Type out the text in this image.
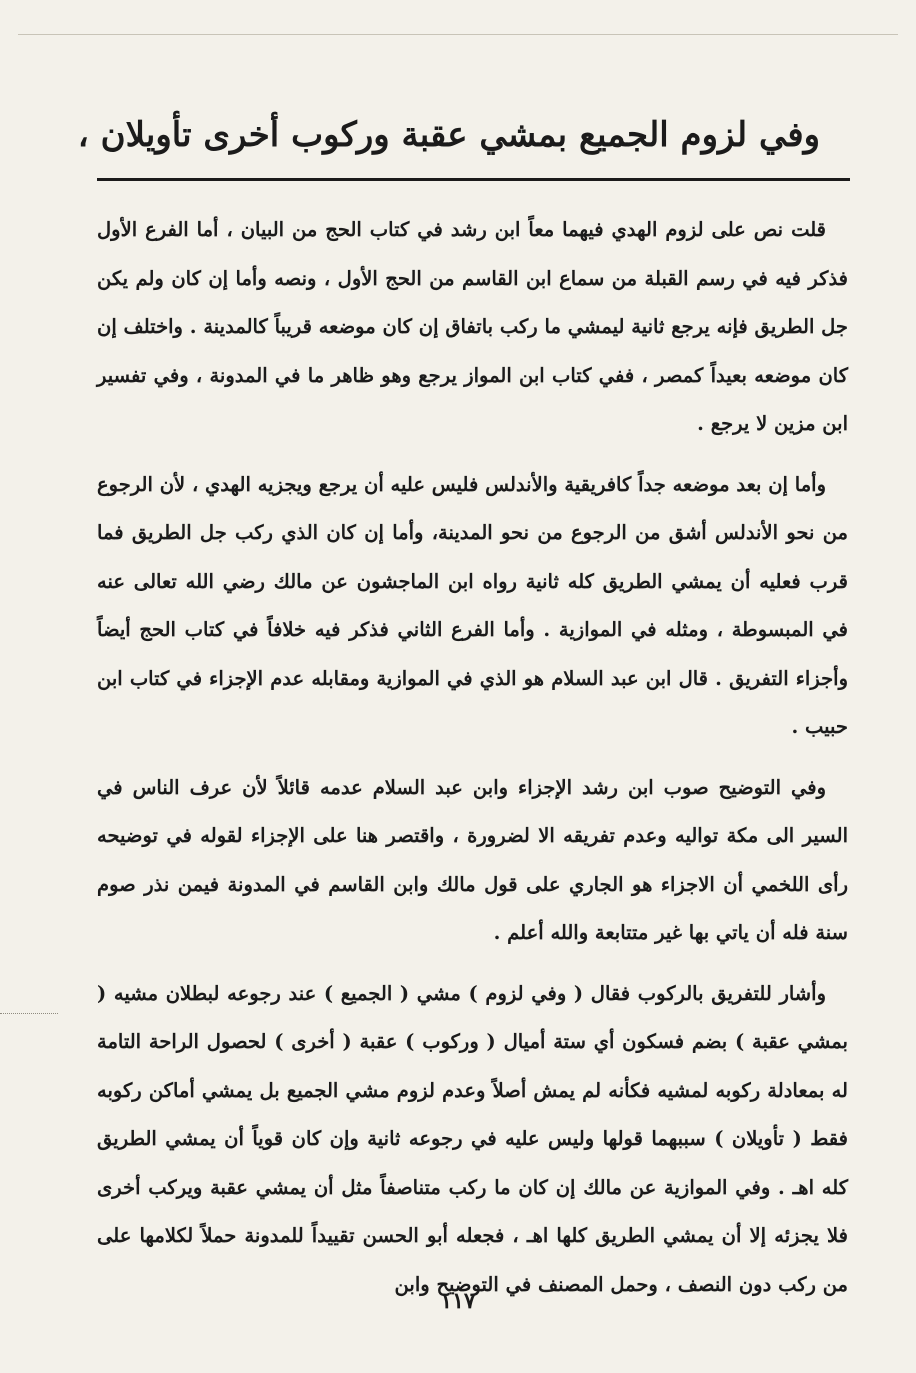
وفي لزوم الجميع بمشي عقبة وركوب أخرى تأويلان ،

قلت نص على لزوم الهدي فيهما معاً ابن رشد في كتاب الحج من البيان ، أما الفرع الأول فذكر فيه في رسم القبلة من سماع ابن القاسم من الحج الأول ، ونصه وأما إن كان ولم يكن جل الطريق فإنه يرجع ثانية ليمشي ما ركب باتفاق إن كان موضعه قريباً كالمدينة . واختلف إن كان موضعه بعيداً كمصر ، ففي كتاب ابن المواز يرجع وهو ظاهر ما في المدونة ، وفي تفسير ابن مزين لا يرجع .

وأما إن بعد موضعه جداً كافريقية والأندلس فليس عليه أن يرجع ويجزيه الهدي ، لأن الرجوع من نحو الأندلس أشق من الرجوع من نحو المدينة، وأما إن كان الذي ركب جل الطريق فما قرب فعليه أن يمشي الطريق كله ثانية رواه ابن الماجشون عن مالك رضي الله تعالى عنه في المبسوطة ، ومثله في الموازية . وأما الفرع الثاني فذكر فيه خلافاً في كتاب الحج أيضاً وأجزاء التفريق . قال ابن عبد السلام هو الذي في الموازية ومقابله عدم الإجزاء في كتاب ابن حبيب .

وفي التوضيح صوب ابن رشد الإجزاء وابن عبد السلام عدمه قائلاً لأن عرف الناس في السير الى مكة تواليه وعدم تفريقه الا لضرورة ، واقتصر هنا على الإجزاء لقوله في توضيحه رأى اللخمي أن الاجزاء هو الجاري على قول مالك وابن القاسم في المدونة فيمن نذر صوم سنة فله أن ياتي بها غير متتابعة والله أعلم .

وأشار للتفريق بالركوب فقال ( وفي لزوم ) مشي ( الجميع ) عند رجوعه لبطلان مشيه ( بمشي عقبة ) بضم فسكون أي ستة أميال ( وركوب ) عقبة ( أخرى ) لحصول الراحة التامة له بمعادلة ركوبه لمشيه فكأنه لم يمش أصلاً وعدم لزوم مشي الجميع بل يمشي أماكن ركوبه فقط ( تأويلان ) سببهما قولها وليس عليه في رجوعه ثانية وإن كان قوياً أن يمشي الطريق كله اهـ . وفي الموازية عن مالك إن كان ما ركب متناصفاً مثل أن يمشي عقبة ويركب أخرى فلا يجزئه إلا أن يمشي الطريق كلها اهـ ، فجعله أبو الحسن تقييداً للمدونة حملاً لكلامها على من ركب دون النصف ، وحمل المصنف في التوضيح وابن

١١٧
